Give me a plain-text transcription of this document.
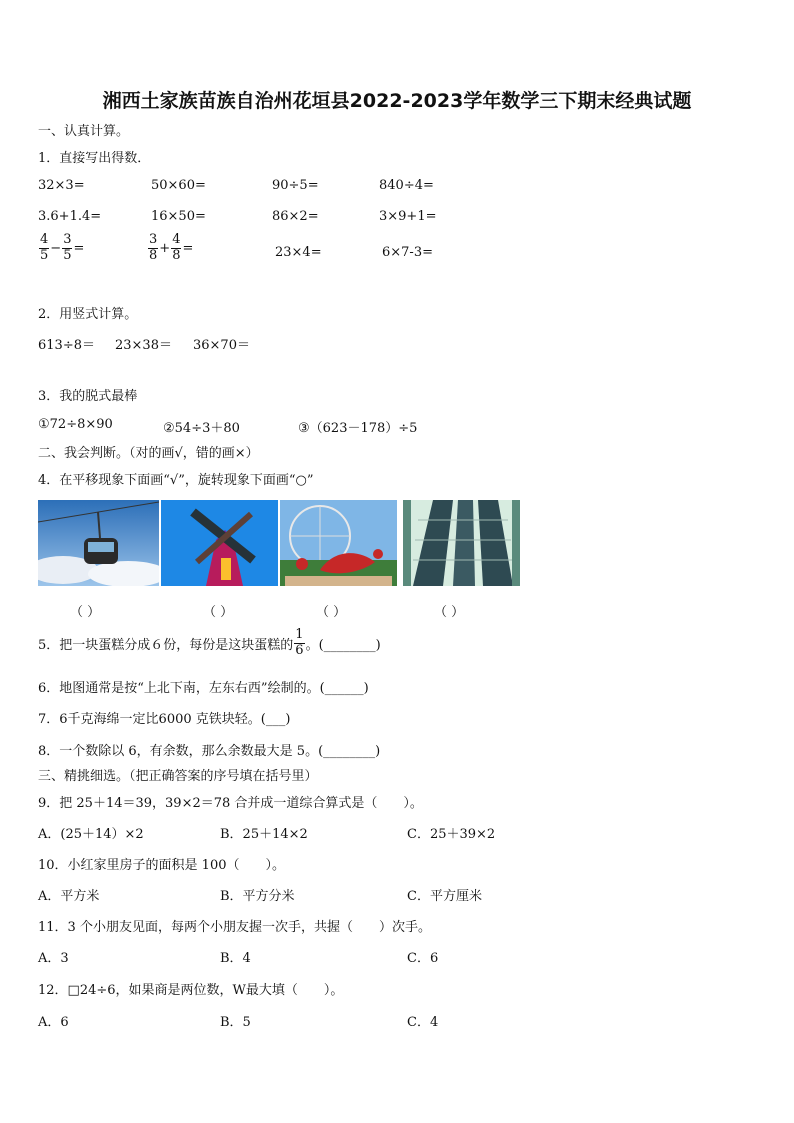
湘西土家族苗族自治州花垣县2022-2023学年数学三下期末经典试题
一、认真计算。
1．直接写出得数．
32×3=	50×60=	90÷5=	840÷4=
3.6+1.4=	16×50=	86×2=	3×9+1=
$\frac{4}{5} - \frac{3}{5}$ =	$\frac{3}{8} + \frac{4}{8}$ =	23×4=	6×7-3=
2．用竖式计算。
613÷8＝ 23×38＝ 36×70＝
3．我的脱式最棒
①72÷8×90	②54÷3＋80	③（623－178）÷5
二、我会判断。（对的画√，错的画×）
4．在平移现象下面画“√”，旋转现象下面画“○”
（ ）	（ ）	（ ）	（ ）
5．把一块蛋糕分成６份，每份是这块蛋糕的 $\frac{1}{6}$ 。(________)
6．地图通常是按“上北下南，左东右西”绘制的。(______)
7．6千克海绵一定比6000 克铁块轻。(___)
8．一个数除以 6，有余数，那么余数最大是 5。(________)
三、精挑细选。（把正确答案的序号填在括号里）
9．把 25＋14＝39，39×2＝78 合并成一道综合算式是（　　）。
A．(25＋14）×2	B．25＋14×2	C．25＋39×2
10．小红家里房子的面积是 100（　　）。
A．平方米	B．平方分米	C．平方厘米
11．3 个小朋友见面，每两个小朋友握一次手，共握（　　）次手。
A．3	B．4	C．6
12．□24÷6，如果商是两位数，W最大填（　　）。
A．6	B．5	C．4
